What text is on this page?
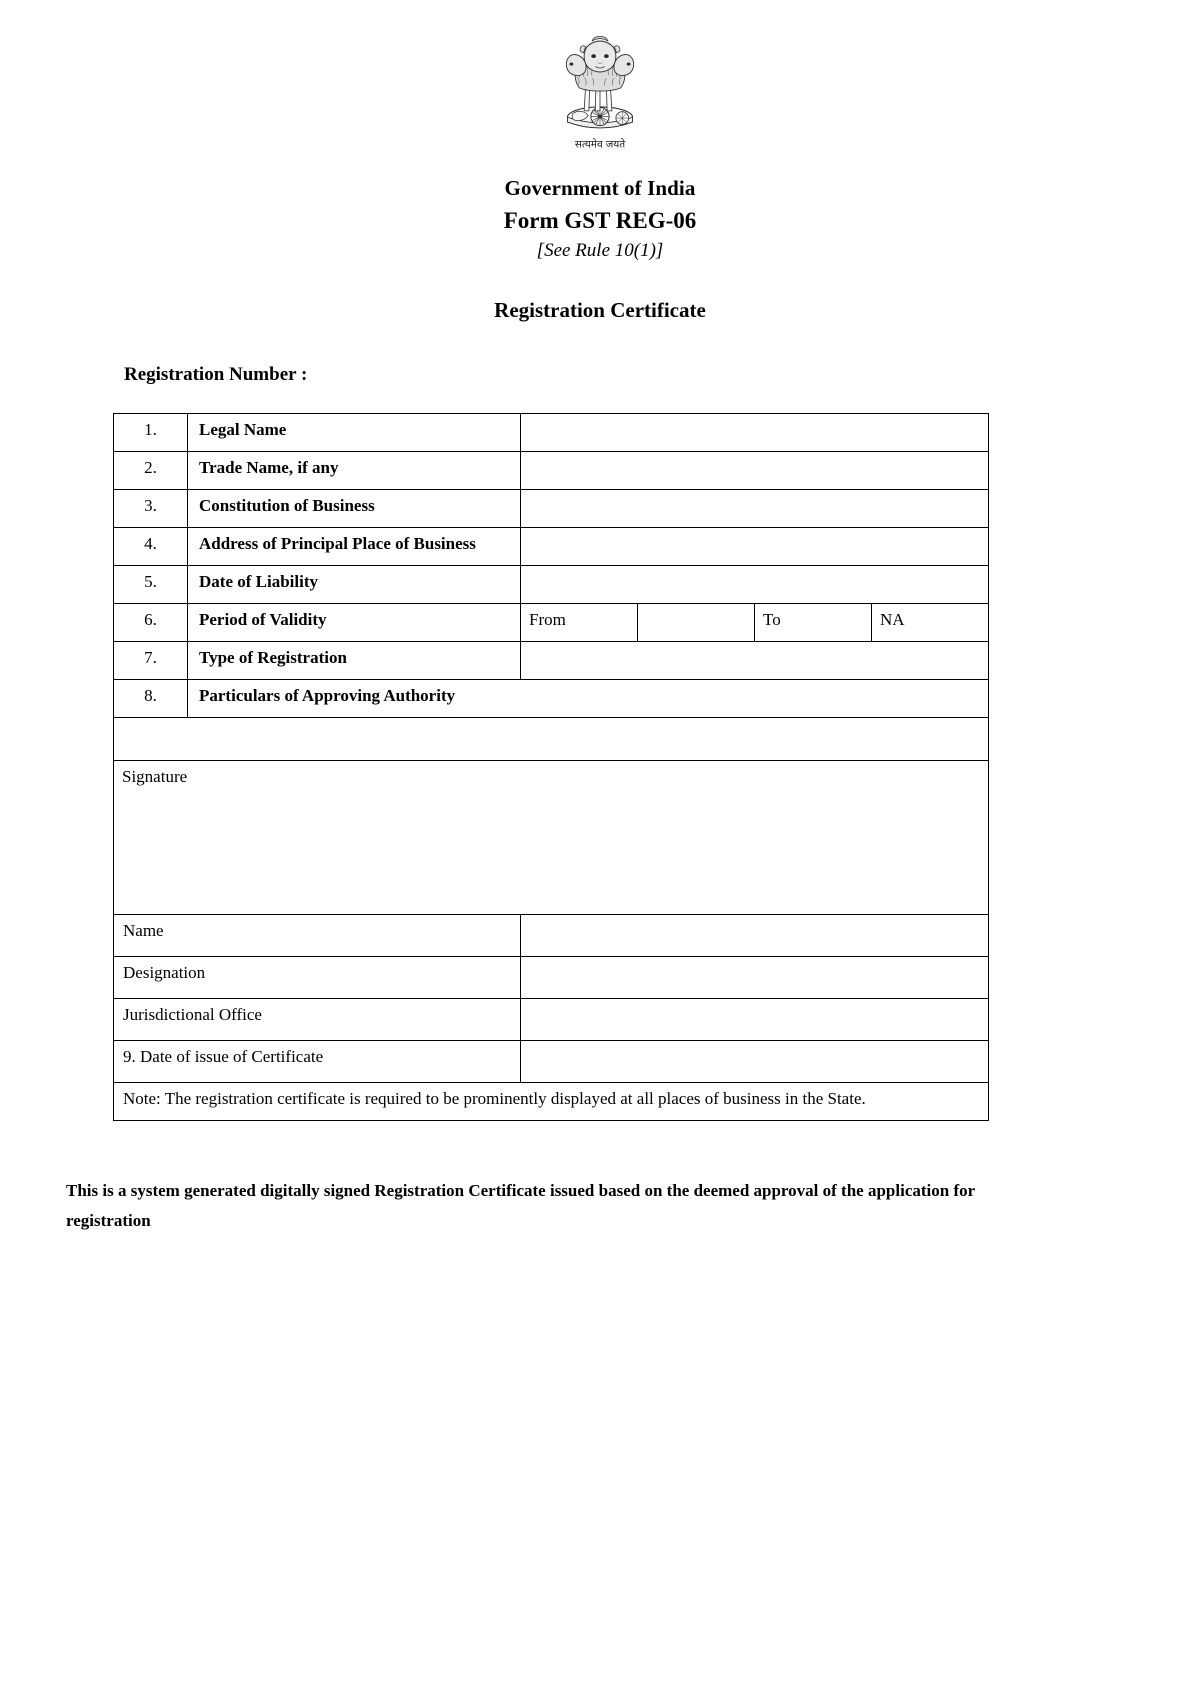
सत्यमेव जयते
Government of India
Form GST REG-06
[See Rule 10(1)]
Registration Certificate
Registration Number :
1.	Legal Name				
2.	Trade Name, if any				
3.	Constitution of Business				
4.	Address of Principal Place of Business				
5.	Date of Liability				
6.	Period of Validity	From		To	NA
7.	Type of Registration				
8.	Particulars of Approving Authority				

Signature					
Name					
Designation					
Jurisdictional Office					
9. Date of issue of Certificate					
Note: The registration certificate is required to be prominently displayed at all places of business in the State.					
This is a system generated digitally signed Registration Certificate issued based on the deemed approval of the application for registration
